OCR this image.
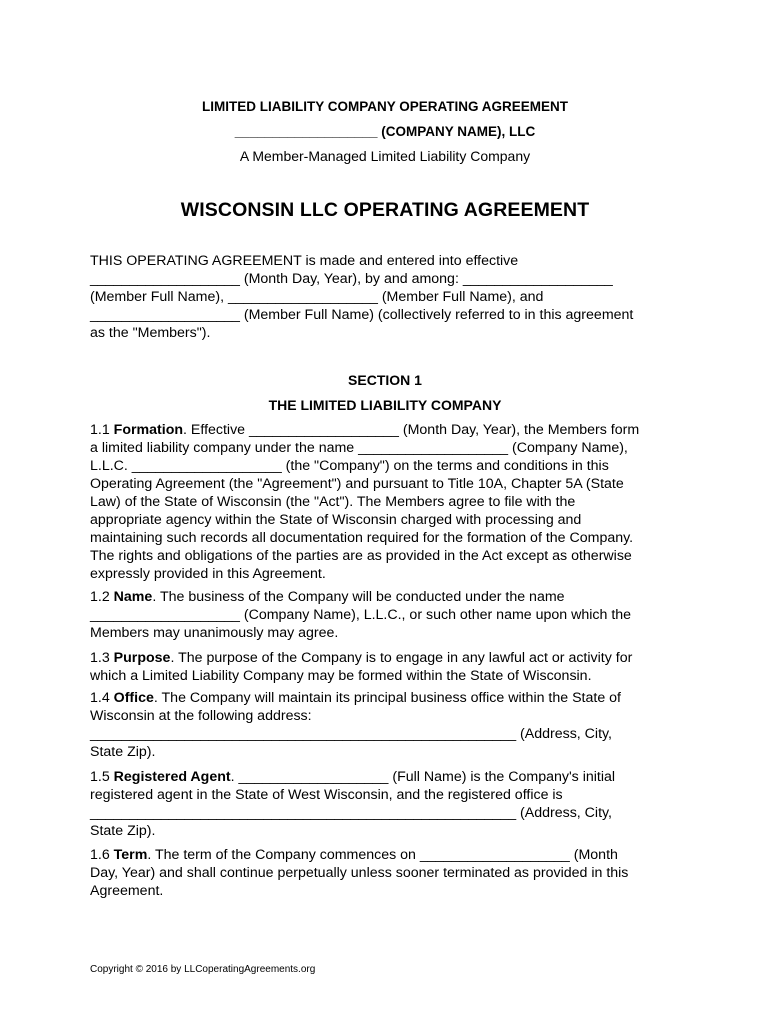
LIMITED LIABILITY COMPANY OPERATING AGREEMENT
___________________ (COMPANY NAME), LLC
A Member-Managed Limited Liability Company
WISCONSIN LLC OPERATING AGREEMENT

THIS OPERATING AGREEMENT is made and entered into effective
___________________ (Month Day, Year), by and among: ___________________
(Member Full Name), ___________________ (Member Full Name), and
___________________ (Member Full Name) (collectively referred to in this agreement
as the "Members").

SECTION 1
THE LIMITED LIABILITY COMPANY

1.1 Formation. Effective ___________________ (Month Day, Year), the Members form
a limited liability company under the name ___________________ (Company Name),
L.L.C. ___________________ (the "Company") on the terms and conditions in this
Operating Agreement (the "Agreement") and pursuant to Title 10A, Chapter 5A (State
Law) of the State of Wisconsin (the "Act"). The Members agree to file with the
appropriate agency within the State of Wisconsin charged with processing and
maintaining such records all documentation required for the formation of the Company.
The rights and obligations of the parties are as provided in the Act except as otherwise
expressly provided in this Agreement.

1.2 Name. The business of the Company will be conducted under the name
___________________ (Company Name), L.L.C., or such other name upon which the
Members may unanimously may agree.

1.3 Purpose. The purpose of the Company is to engage in any lawful act or activity for
which a Limited Liability Company may be formed within the State of Wisconsin.

1.4 Office. The Company will maintain its principal business office within the State of
Wisconsin at the following address:
______________________________________________________ (Address, City,
State Zip).

1.5 Registered Agent. ___________________ (Full Name) is the Company's initial
registered agent in the State of West Wisconsin, and the registered office is
______________________________________________________ (Address, City,
State Zip).

1.6 Term. The term of the Company commences on ___________________ (Month
Day, Year) and shall continue perpetually unless sooner terminated as provided in this
Agreement.

Copyright © 2016 by LLCoperatingAgreements.org
